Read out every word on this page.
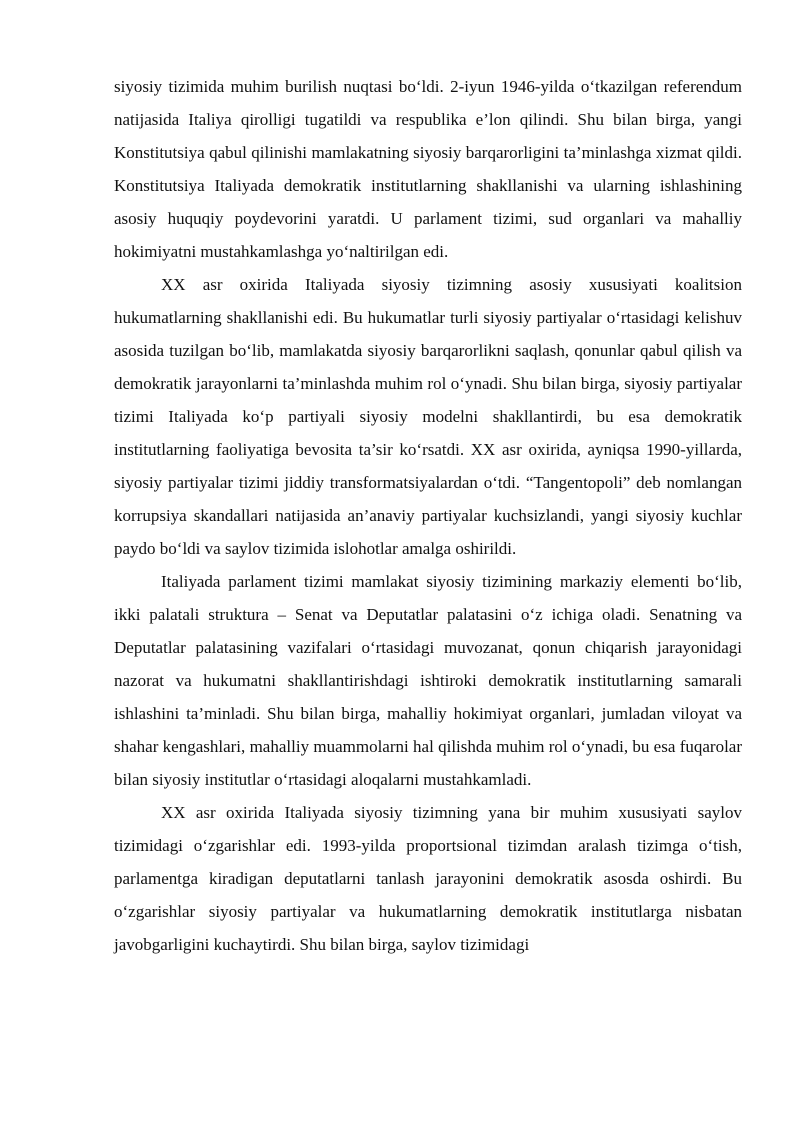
siyosiy tizimida muhim burilish nuqtasi bo‘ldi. 2-iyun 1946-yilda o‘tkazilgan referendum natijasida Italiya qirolligi tugatildi va respublika e’lon qilindi. Shu bilan birga, yangi Konstitutsiya qabul qilinishi mamlakatning siyosiy barqarorligini ta’minlashga xizmat qildi. Konstitutsiya Italiyada demokratik institutlarning shakllanishi va ularning ishlashining asosiy huquqiy poydevorini yaratdi. U parlament tizimi, sud organlari va mahalliy hokimiyatni mustahkamlashga yo‘naltirilgan edi.

XX asr oxirida Italiyada siyosiy tizimning asosiy xususiyati koalitsion hukumatlarning shakllanishi edi. Bu hukumatlar turli siyosiy partiyalar o‘rtasidagi kelishuv asosida tuzilgan bo‘lib, mamlakatda siyosiy barqarorlikni saqlash, qonunlar qabul qilish va demokratik jarayonlarni ta’minlashda muhim rol o‘ynadi. Shu bilan birga, siyosiy partiyalar tizimi Italiyada ko‘p partiyali siyosiy modelni shakllantirdi, bu esa demokratik institutlarning faoliyatiga bevosita ta’sir ko‘rsatdi. XX asr oxirida, ayniqsa 1990-yillarda, siyosiy partiyalar tizimi jiddiy transformatsiyalardan o‘tdi. “Tangentopoli” deb nomlangan korrupsiya skandallari natijasida an’anaviy partiyalar kuchsizlandi, yangi siyosiy kuchlar paydo bo‘ldi va saylov tizimida islohotlar amalga oshirildi.

Italiyada parlament tizimi mamlakat siyosiy tizimining markaziy elementi bo‘lib, ikki palatali struktura – Senat va Deputatlar palatasini o‘z ichiga oladi. Senatning va Deputatlar palatasining vazifalari o‘rtasidagi muvozanat, qonun chiqarish jarayonidagi nazorat va hukumatni shakllantirishdagi ishtiroki demokratik institutlarning samarali ishlashini ta’minladi. Shu bilan birga, mahalliy hokimiyat organlari, jumladan viloyat va shahar kengashlari, mahalliy muammolarni hal qilishda muhim rol o‘ynadi, bu esa fuqarolar bilan siyosiy institutlar o‘rtasidagi aloqalarni mustahkamladi.

XX asr oxirida Italiyada siyosiy tizimning yana bir muhim xususiyati saylov tizimidagi o‘zgarishlar edi. 1993-yilda proportsional tizimdan aralash tizimga o‘tish, parlamentga kiradigan deputatlarni tanlash jarayonini demokratik asosda oshirdi. Bu o‘zgarishlar siyosiy partiyalar va hukumatlarning demokratik institutlarga nisbatan javobgarligini kuchaytirdi. Shu bilan birga, saylov tizimidagi
